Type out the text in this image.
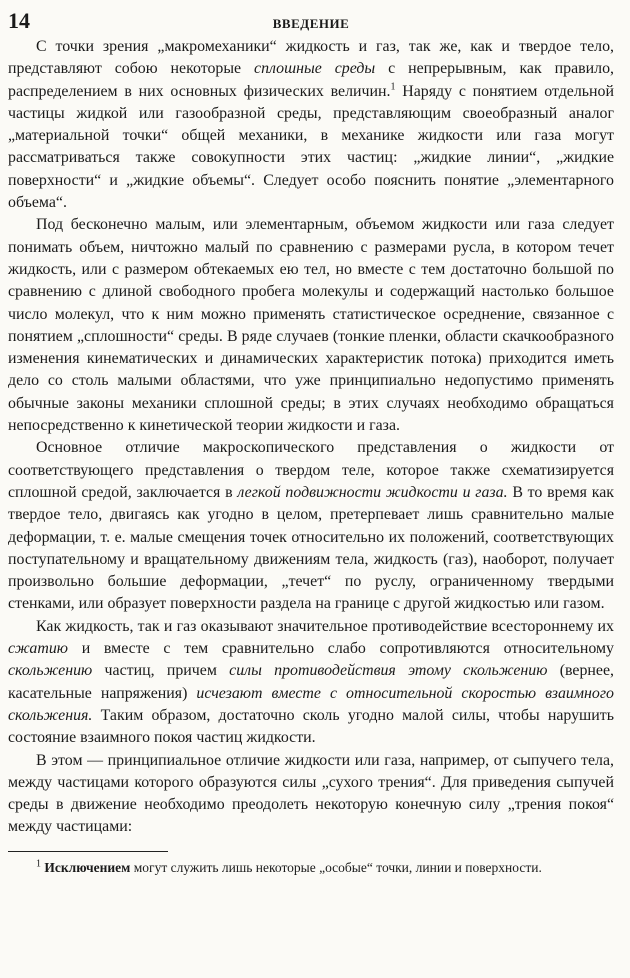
14	ВВЕДЕНИЕ

С точки зрения „макромеханики“ жидкость и газ, так же, как и твердое тело, представляют собою некоторые сплошные среды с непрерывным, как правило, распределением в них основных физических величин.$^1$ Наряду с понятием отдельной частицы жидкой или газообразной среды, представляющим своеобразный аналог „материальной точки“ общей механики, в механике жидкости или газа могут рассматриваться также совокупности этих частиц: „жидкие линии“, „жидкие поверхности“ и „жидкие объемы“. Следует особо пояснить понятие „элементарного объема“.

Под бесконечно малым, или элементарным, объемом жидкости или газа следует понимать объем, ничтожно малый по сравнению с размерами русла, в котором течет жидкость, или с размером обтекаемых ею тел, но вместе с тем достаточно большой по сравнению с длиной свободного пробега молекулы и содержащий настолько большое число молекул, что к ним можно применять статистическое осреднение, связанное с понятием „сплошности“ среды. В ряде случаев (тонкие пленки, области скачкообразного изменения кинематических и динамических характеристик потока) приходится иметь дело со столь малыми областями, что уже принципиально недопустимо применять обычные законы механики сплошной среды; в этих случаях необходимо обращаться непосредственно к кинетической теории жидкости и газа.

Основное отличие макроскопического представления о жидкости от соответствующего представления о твердом теле, которое также схематизируется сплошной средой, заключается в легкой подвижности жидкости и газа. В то время как твердое тело, двигаясь как угодно в целом, претерпевает лишь сравнительно малые деформации, т. е. малые смещения точек относительно их положений, соответствующих поступательному и вращательному движениям тела, жидкость (газ), наоборот, получает произвольно большие деформации, „течет“ по руслу, ограниченному твердыми стенками, или образует поверхности раздела на границе с другой жидкостью или газом.

Как жидкость, так и газ оказывают значительное противодействие всестороннему их сжатию и вместе с тем сравнительно слабо сопротивляются относительному скольжению частиц, причем силы противодействия этому скольжению (вернее, касательные напряжения) исчезают вместе с относительной скоростью взаимного скольжения. Таким образом, достаточно сколь угодно малой силы, чтобы нарушить состояние взаимного покоя частиц жидкости.

В этом — принципиальное отличие жидкости или газа, например, от сыпучего тела, между частицами которого образуются силы „сухого трения“. Для приведения сыпучей среды в движение необходимо преодолеть некоторую конечную силу „трения покоя“ между частицами:

$^1$ Исключением могут служить лишь некоторые „особые“ точки, линии и поверхности.
